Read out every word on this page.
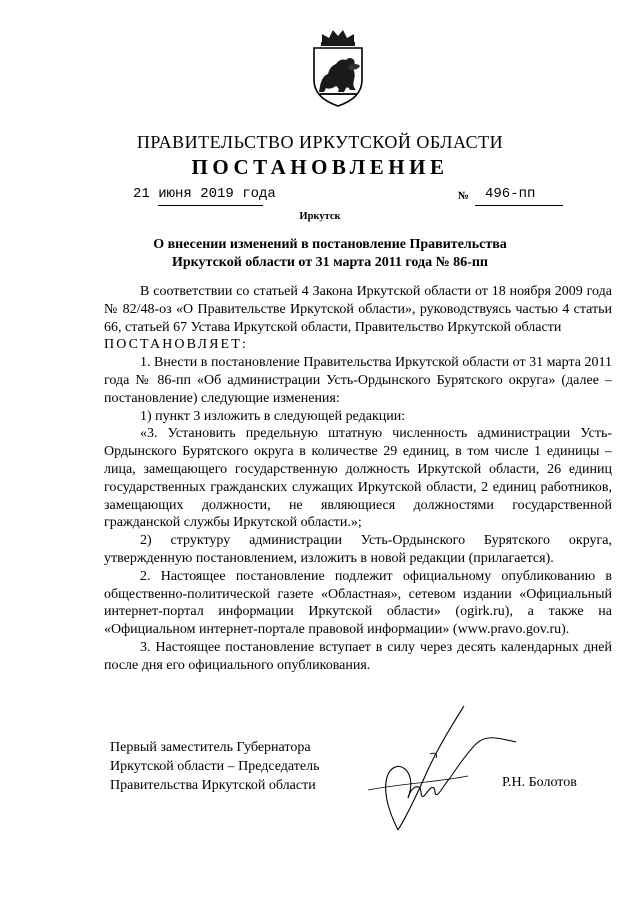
ПРАВИТЕЛЬСТВО ИРКУТСКОЙ ОБЛАСТИ
ПОСТАНОВЛЕНИЕ
21 июня 2019 года	№ 496-пп
Иркутск
О внесении изменений в постановление Правительства
Иркутской области от 31 марта 2011 года № 86-пп

В соответствии со статьей 4 Закона Иркутской области от 18 ноября 2009 года № 82/48-оз «О Правительстве Иркутской области», руководствуясь частью 4 статьи 66, статьей 67 Устава Иркутской области, Правительство Иркутской области

ПОСТАНОВЛЯЕТ:

1. Внести в постановление Правительства Иркутской области от 31 марта 2011 года № 86-пп «Об администрации Усть-Ордынского Бурятского округа» (далее – постановление) следующие изменения:

1) пункт 3 изложить в следующей редакции:

«3. Установить предельную штатную численность администрации Усть-Ордынского Бурятского округа в количестве 29 единиц, в том числе 1 единицы – лица, замещающего государственную должность Иркутской области, 26 единиц государственных гражданских служащих Иркутской области, 2 единиц работников, замещающих должности, не являющиеся должностями государственной гражданской службы Иркутской области.»;

2) структуру администрации Усть-Ордынского Бурятского округа, утвержденную постановлением, изложить в новой редакции (прилагается).

2. Настоящее постановление подлежит официальному опубликованию в общественно-политической газете «Областная», сетевом издании «Официальный интернет-портал информации Иркутской области» (ogirk.ru), а также на «Официальном интернет-портале правовой информации» (www.pravo.gov.ru).

3. Настоящее постановление вступает в силу через десять календарных дней после дня его официального опубликования.

Первый заместитель Губернатора
Иркутской области – Председатель
Правительства Иркутской области	Р.Н. Болотов
